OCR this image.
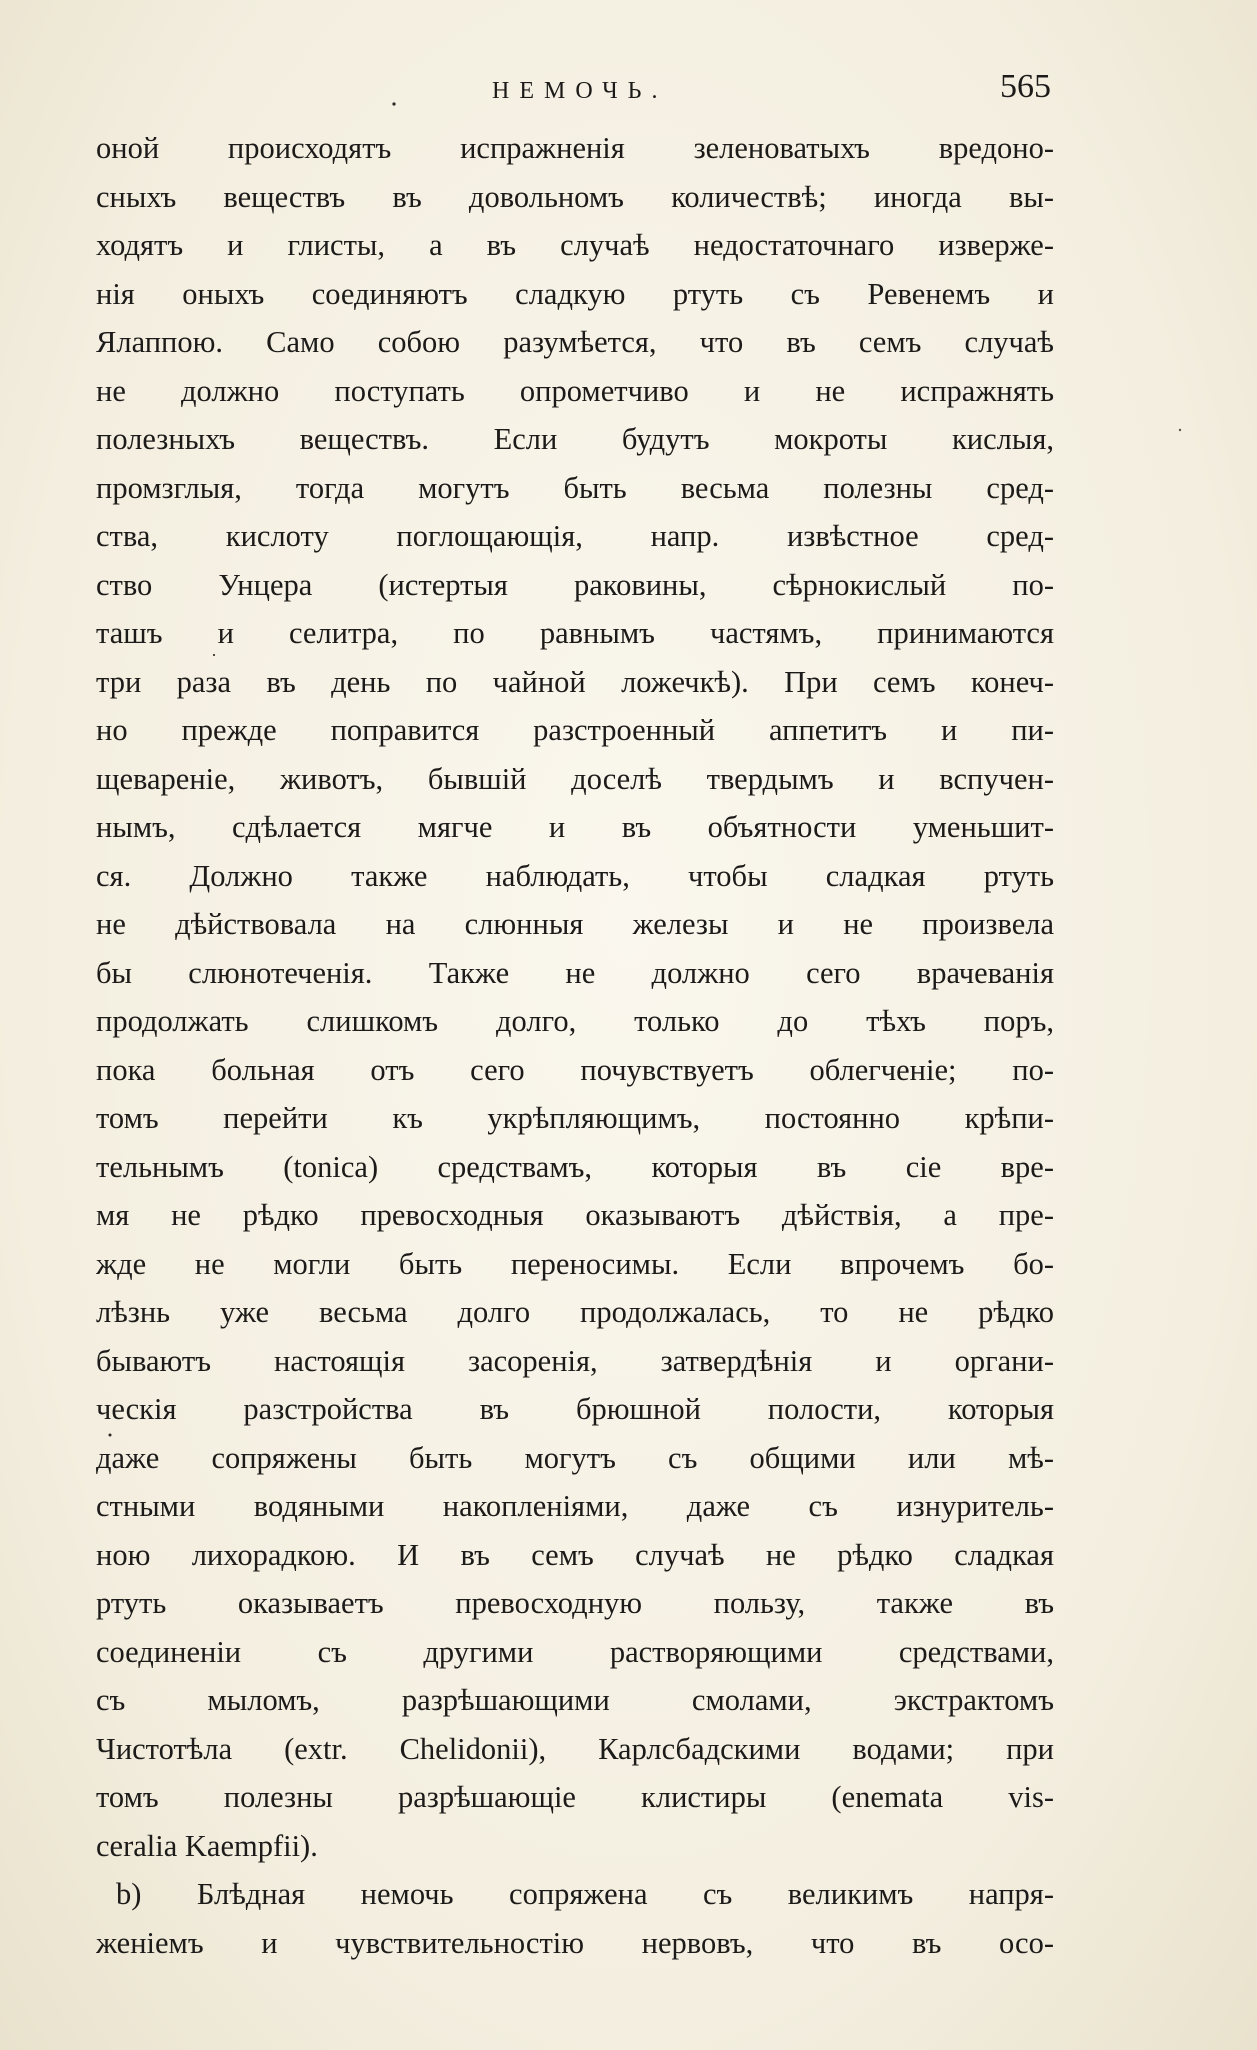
НЕМОЧЬ.	565
оной происходятъ испражненія зеленоватыхъ вредоно-
сныхъ веществъ въ довольномъ количествѣ; иногда вы-
ходятъ и глисты, а въ случаѣ недостаточнаго изверже-
нія оныхъ соединяютъ сладкую ртуть съ Ревенемъ и
Ялаппою. Само собою разумѣется, что въ семъ случаѣ
не должно поступать опрометчиво и не испражнять
полезныхъ веществъ. Если будутъ мокроты кислыя,
промзглыя, тогда могутъ быть весьма полезны сред-
ства, кислоту поглощающія, напр. извѣстное сред-
ство Унцера (истертыя раковины, сѣрнокислый по-
ташъ и селитра, по равнымъ частямъ, принимаются
три раза въ день по чайной ложечкѣ). При семъ конеч-
но прежде поправится разстроенный аппетитъ и пи-
щевареніе, животъ, бывшій доселѣ твердымъ и вспучен-
нымъ, сдѣлается мягче и въ объятности уменьшит-
ся. Должно также наблюдать, чтобы сладкая ртуть
не дѣйствовала на слюнныя железы и не произвела
бы слюнотеченія. Также не должно сего врачеванія
продолжать слишкомъ долго, только до тѣхъ поръ,
пока больная отъ сего почувствуетъ облегченіе; по-
томъ перейти къ укрѣпляющимъ, постоянно крѣпи-
тельнымъ (tonica) средствамъ, которыя въ сіе вре-
мя не рѣдко превосходныя оказываютъ дѣйствія, а пре-
жде не могли быть переносимы. Если впрочемъ бо-
лѣзнь уже весьма долго продолжалась, то не рѣдко
бываютъ настоящія засоренія, затвердѣнія и органи-
ческія разстройства въ брюшной полости, которыя
даже сопряжены быть могутъ съ общими или мѣ-
стными водяными накопленіями, даже съ изнуритель-
ною лихорадкою. И въ семъ случаѣ не рѣдко сладкая
ртуть оказываетъ превосходную пользу, также въ
соединеніи съ другими растворяющими средствами,
съ мыломъ, разрѣшающими смолами, экстрактомъ
Чистотѣла (extr. Chelidonii), Карлсбадскими водами; при
томъ полезны разрѣшающіе клистиры (enemata vis-
ceralia Kaempfii).
b) Блѣдная немочь сопряжена съ великимъ напря-
женіемъ и чувствительностію нервовъ, что въ осо-
